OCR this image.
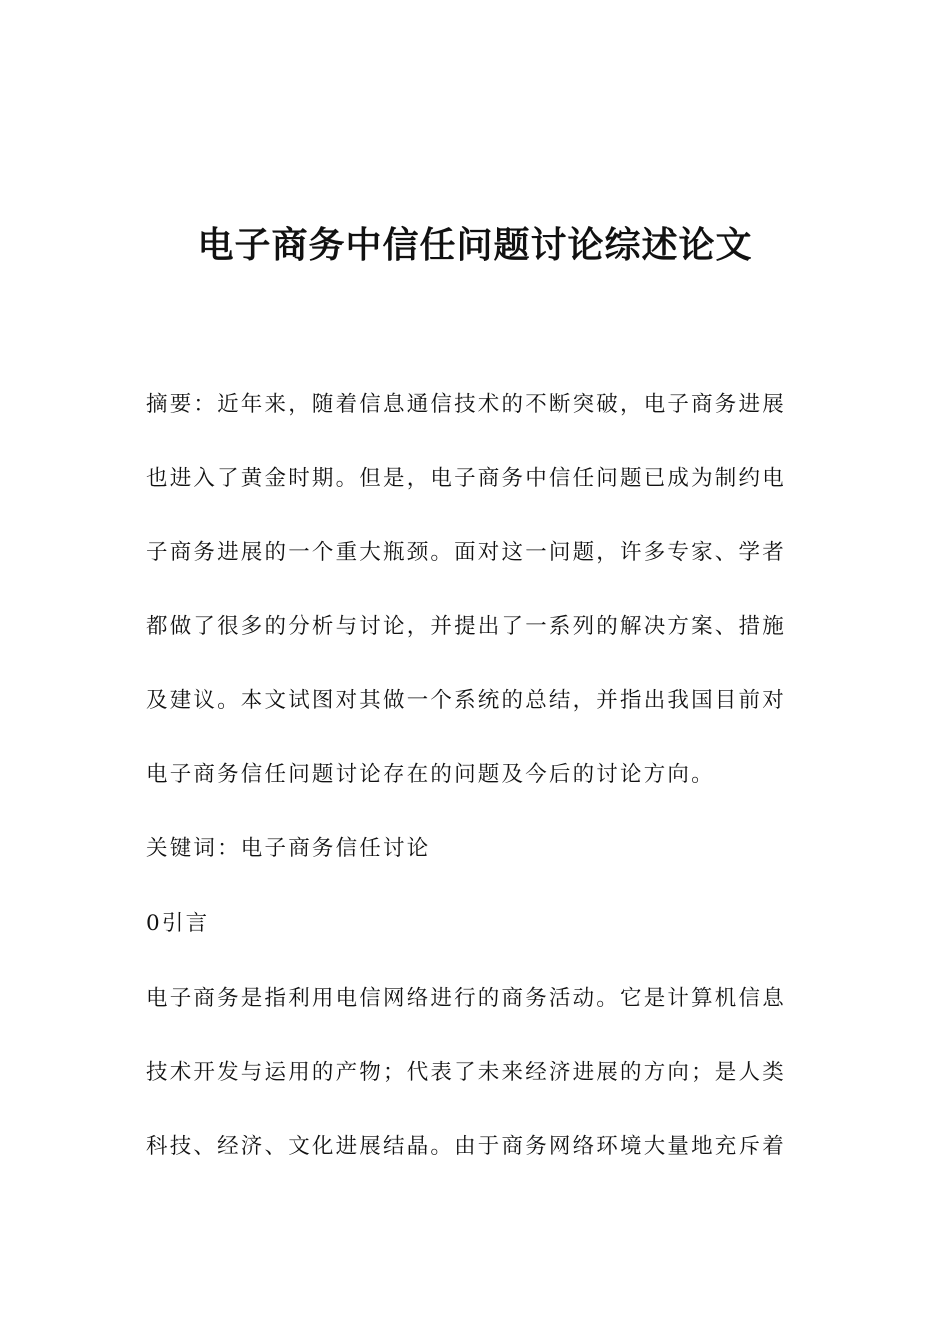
电子商务中信任问题讨论综述论文
摘要：近年来，随着信息通信技术的不断突破，电子商务进展
也进入了黄金时期。但是，电子商务中信任问题已成为制约电
子商务进展的一个重大瓶颈。面对这一问题，许多专家、学者
都做了很多的分析与讨论，并提出了一系列的解决方案、措施
及建议。本文试图对其做一个系统的总结，并指出我国目前对
电子商务信任问题讨论存在的问题及今后的讨论方向。
关键词：电子商务信任讨论
0引言
电子商务是指利用电信网络进行的商务活动。它是计算机信息
技术开发与运用的产物；代表了未来经济进展的方向；是人类
科技、经济、文化进展结晶。由于商务网络环境大量地充斥着
